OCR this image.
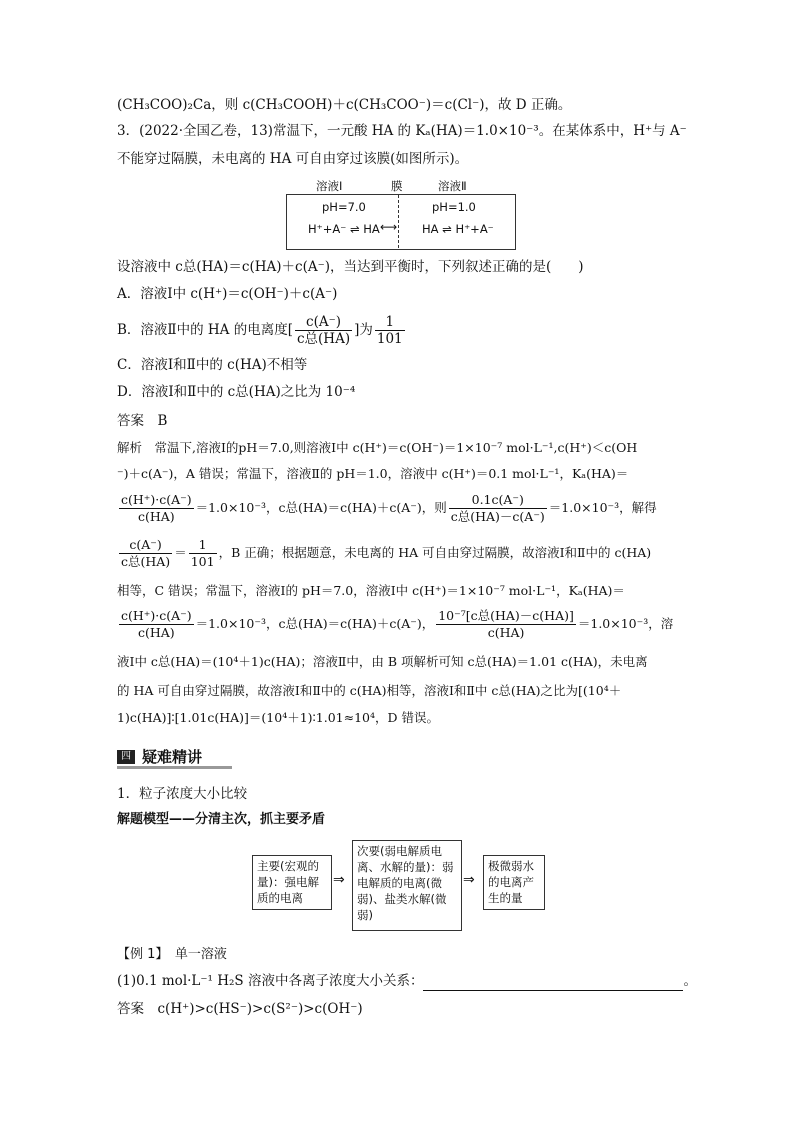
(CH₃COO)₂Ca，则 c(CH₃COOH)＋c(CH₃COO⁻)＝c(Cl⁻)，故 D 正确。
3．(2022·全国乙卷，13)常温下，一元酸 HA 的 Kₐ(HA)＝1.0×10⁻³。在某体系中，H⁺与 A⁻
不能穿过隔膜，未电离的 HA 可自由穿过该膜(如图所示)。
溶液Ⅰ	膜	溶液Ⅱ
pH=7.0	pH=1.0
H⁺+A⁻ ⇌ HA ⟷ HA ⇌ H⁺+A⁻
设溶液中 c总(HA)＝c(HA)＋c(A⁻)，当达到平衡时，下列叙述正确的是(　　)
A．溶液Ⅰ中 c(H⁺)＝c(OH⁻)＋c(A⁻)
B．溶液Ⅱ中的 HA 的电离度[ $\frac{c(A^-)}{\text{c总(HA)}}$ ]为 $\frac{1}{101}$
C．溶液Ⅰ和Ⅱ中的 c(HA)不相等
D．溶液Ⅰ和Ⅱ中的 c总(HA)之比为 10⁻⁴
答案　B
解析　常温下,溶液Ⅰ的pH＝7.0,则溶液Ⅰ中 c(H⁺)＝c(OH⁻)＝1×10⁻⁷ mol·L⁻¹,c(H⁺)＜c(OH
⁻)＋c(A⁻)，A 错误；常温下，溶液Ⅱ的 pH＝1.0，溶液中 c(H⁺)＝0.1 mol·L⁻¹，Kₐ(HA)＝
$\frac{c(H^+)\cdot c(A^-)}{c(HA)} =1.0\times 10^{-3}$，c总(HA)＝c(HA)＋c(A⁻)，则 $\frac{0.1c(A^-)}{\text{c总(HA)－c(A⁻)}} =1.0\times 10^{-3}$，解得
$\frac{c(A^-)}{\text{c总(HA)}} = \frac{1}{101}$ ，B 正确；根据题意，未电离的 HA 可自由穿过隔膜，故溶液Ⅰ和Ⅱ中的 c(HA)
相等，C 错误；常温下，溶液Ⅰ的 pH＝7.0，溶液Ⅰ中 c(H⁺)＝1×10⁻⁷ mol·L⁻¹，Kₐ(HA)＝
$\frac{c(H^+)\cdot c(A^-)}{c(HA)} =1.0\times 10^{-3}$，c总(HA)＝c(HA)＋c(A⁻)， $\frac{\text{10⁻⁷[c总(HA)－c(HA)]}}{c(HA)} =1.0\times 10^{-3}$，溶
液Ⅰ中 c总(HA)＝(10⁴＋1)c(HA)；溶液Ⅱ中，由 B 项解析可知 c总(HA)＝1.01 c(HA)，未电离
的 HA 可自由穿过隔膜，故溶液Ⅰ和Ⅱ中的 c(HA)相等，溶液Ⅰ和Ⅱ中 c总(HA)之比为[(10⁴＋
1)c(HA)]∶[1.01c(HA)]＝(10⁴＋1)∶1.01≈10⁴，D 错误。
四 疑难精讲
1．粒子浓度大小比较
解题模型——分清主次，抓主要矛盾
主要(宏观的量)：强电解质的电离
⇒
次要(弱电解质电离、水解的量)：弱电解质的电离(微弱)、盐类水解(微弱)
⇒
极微弱水的电离产生的量
【例 1】　单一溶液
(1)0.1 mol·L⁻¹ H₂S 溶液中各离子浓度大小关系：	。
答案　c(H⁺)>c(HS⁻)>c(S²⁻)>c(OH⁻)
